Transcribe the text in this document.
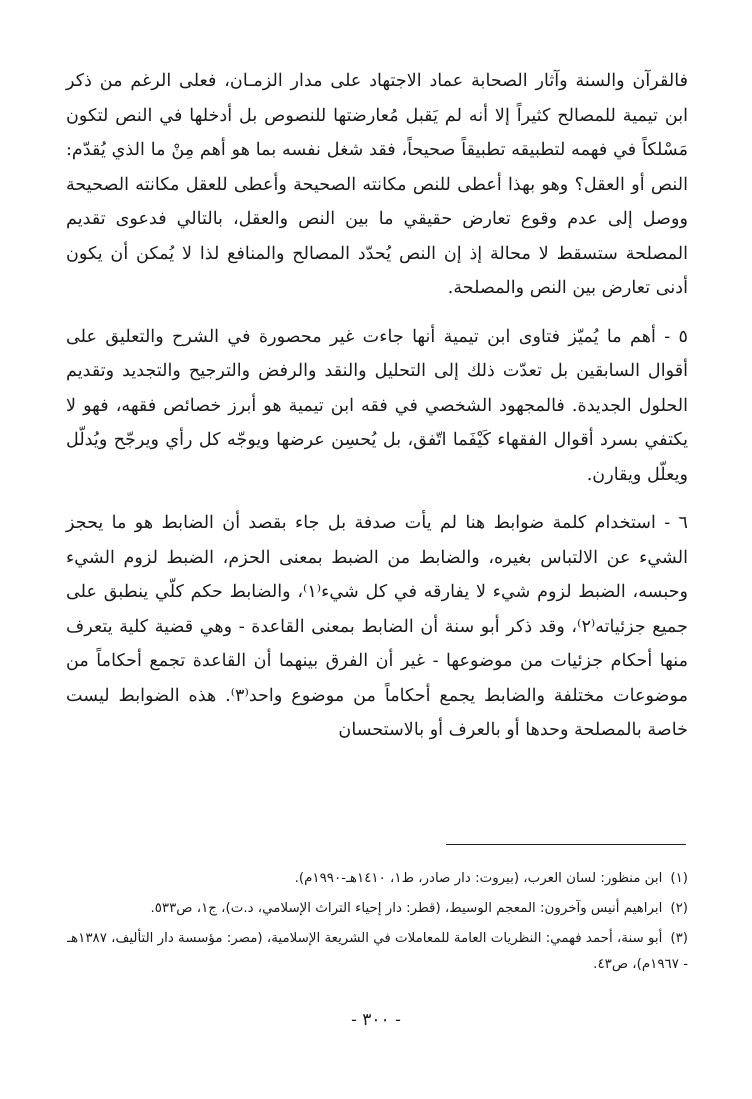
فالقرآن والسنة وآثار الصحابة عماد الاجتهاد على مدار الزمـان، فعلى الرغم من ذكر ابن تيمية للمصالح كثيراً إلا أنه لم يَقبل مُعارضتها للنصوص بل أدخلها في النص لتكون مَسْلكاً في فهمه لتطبيقه تطبيقاً صحيحاً، فقد شغل نفسه بما هو أهم مِنْ ما الذي يُقدّم: النص أو العقل؟ وهو بهذا أعطى للنص مكانته الصحيحة وأعطى للعقل مكانته الصحيحة ووصل إلى عدم وقوع تعارض حقيقي ما بين النص والعقل، بالتالي فدعوى تقديم المصلحة ستسقط لا محالة إذ إن النص يُحدّد المصالح والمنافع لذا لا يُمكن أن يكون أدنى تعارض بين النص والمصلحة.

٥ - أهم ما يُميّز فتاوى ابن تيمية أنها جاءت غير محصورة في الشرح والتعليق على أقوال السابقين بل تعدّت ذلك إلى التحليل والنقد والرفض والترجيح والتجديد وتقديم الحلول الجديدة. فالمجهود الشخصي في فقه ابن تيمية هو أبرز خصائص فقهه، فهو لا يكتفي بسرد أقوال الفقهاء كَيْفَما اتّفق، بل يُحسِن عرضها ويوجّه كل رأي ويرجّح ويُدلّل ويعلّل ويقارن.

٦ - استخدام كلمة ضوابط هنا لم يأت صدفة بل جاء بقصد أن الضابط هو ما يحجز الشيء عن الالتباس بغيره، والضابط من الضبط بمعنى الحزم، الضبط لزوم الشيء وحبسه، الضبط لزوم شيء لا يفارقه في كل شيء⁽١⁾، والضابط حكم كلّي ينطبق على جميع جزئياته⁽٢⁾، وقد ذكر أبو سنة أن الضابط بمعنى القاعدة - وهي قضية كلية يتعرف منها أحكام جزئيات من موضوعها - غير أن الفرق بينهما أن القاعدة تجمع أحكاماً من موضوعات مختلفة والضابط يجمع أحكاماً من موضوع واحد⁽٣⁾. هذه الضوابط ليست خاصة بالمصلحة وحدها أو بالعرف أو بالاستحسان

(١)ابن منظور: لسان العرب، (بيروت: دار صادر، ط١، ١٤١٠هـ-١٩٩٠م).

(٢)ابراهيم أنيس وآخرون: المعجم الوسيط، (قطر: دار إحياء التراث الإسلامي، د.ت)، ج١، ص٥٣٣.

(٣)أبو سنة، أحمد فهمي: النظريات العامة للمعاملات في الشريعة الإسلامية، (مصر: مؤسسة دار التأليف، ١٣٨٧هـ - ١٩٦٧م)، ص٤٣.

- ٣٠٠ -
